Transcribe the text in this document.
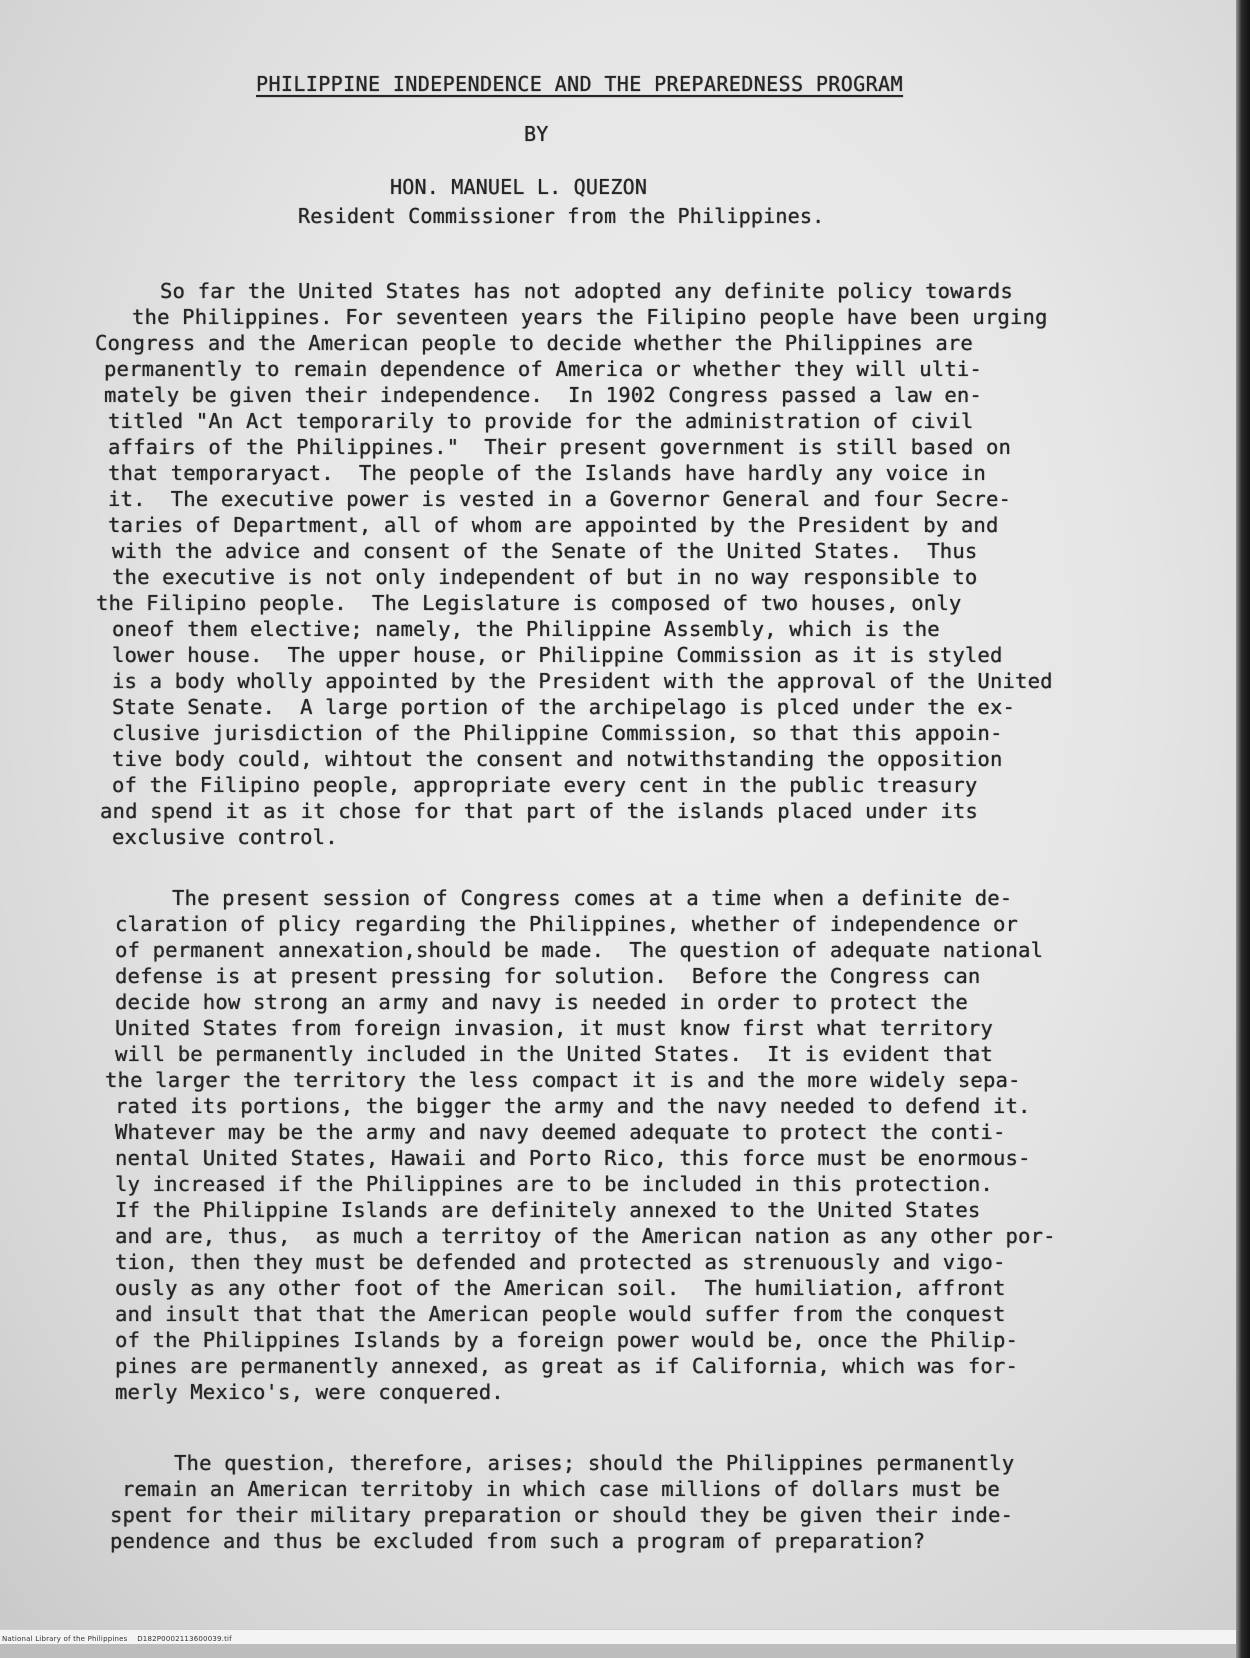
PHILIPPINE INDEPENDENCE AND THE PREPAREDNESS PROGRAM
BY
HON. MANUEL L. QUEZON
Resident Commissioner from the Philippines.
So far the United States has not adopted any definite policy towards
the Philippines. For seventeen years the Filipino people have been urging
Congress and the American people to decide whether the Philippines are
permanently to remain dependence of America or whether they will ulti-
mately be given their independence.  In 1902 Congress passed a law en-
titled "An Act temporarily to provide for the administration of civil
affairs of the Philippines."  Their present government is still based on
that temporaryact.  The people of the Islands have hardly any voice in
it.  The executive power is vested in a Governor General and four Secre-
taries of Department, all of whom are appointed by the President by and
with the advice and consent of the Senate of the United States.  Thus
the executive is not only independent of but in no way responsible to
the Filipino people.  The Legislature is composed of two houses, only
oneof them elective; namely, the Philippine Assembly, which is the
lower house.  The upper house, or Philippine Commission as it is styled
is a body wholly appointed by the President with the approval of the United
State Senate.  A large portion of the archipelago is plced under the ex-
clusive jurisdiction of the Philippine Commission, so that this appoin-
tive body could, wihtout the consent and notwithstanding the opposition
of the Filipino people, appropriate every cent in the public treasury
and spend it as it chose for that part of the islands placed under its
exclusive control.
The present session of Congress comes at a time when a definite de-
claration of plicy regarding the Philippines, whether of independence or
of permanent annexation,should be made.  The question of adequate national
defense is at present pressing for solution.  Before the Congress can
decide how strong an army and navy is needed in order to protect the
United States from foreign invasion, it must know first what territory
will be permanently included in the United States.  It is evident that
the larger the territory the less compact it is and the more widely sepa-
rated its portions, the bigger the army and the navy needed to defend it.
Whatever may be the army and navy deemed adequate to protect the conti-
nental United States, Hawaii and Porto Rico, this force must be enormous-
ly increased if the Philippines are to be included in this protection.
If the Philippine Islands are definitely annexed to the United States
and are, thus,  as much a territoy of the American nation as any other por-
tion, then they must be defended and protected as strenuously and vigo-
ously as any other foot of the American soil.  The humiliation, affront
and insult that that the American people would suffer from the conquest
of the Philippines Islands by a foreign power would be, once the Philip-
pines are permanently annexed, as great as if California, which was for-
merly Mexico's, were conquered.
The question, therefore, arises; should the Philippines permanently
remain an American territoby in which case millions of dollars must be
spent for their military preparation or should they be given their inde-
pendence and thus be excluded from such a program of preparation?
National Library of the Philippines    D182P0002113600039.tif
